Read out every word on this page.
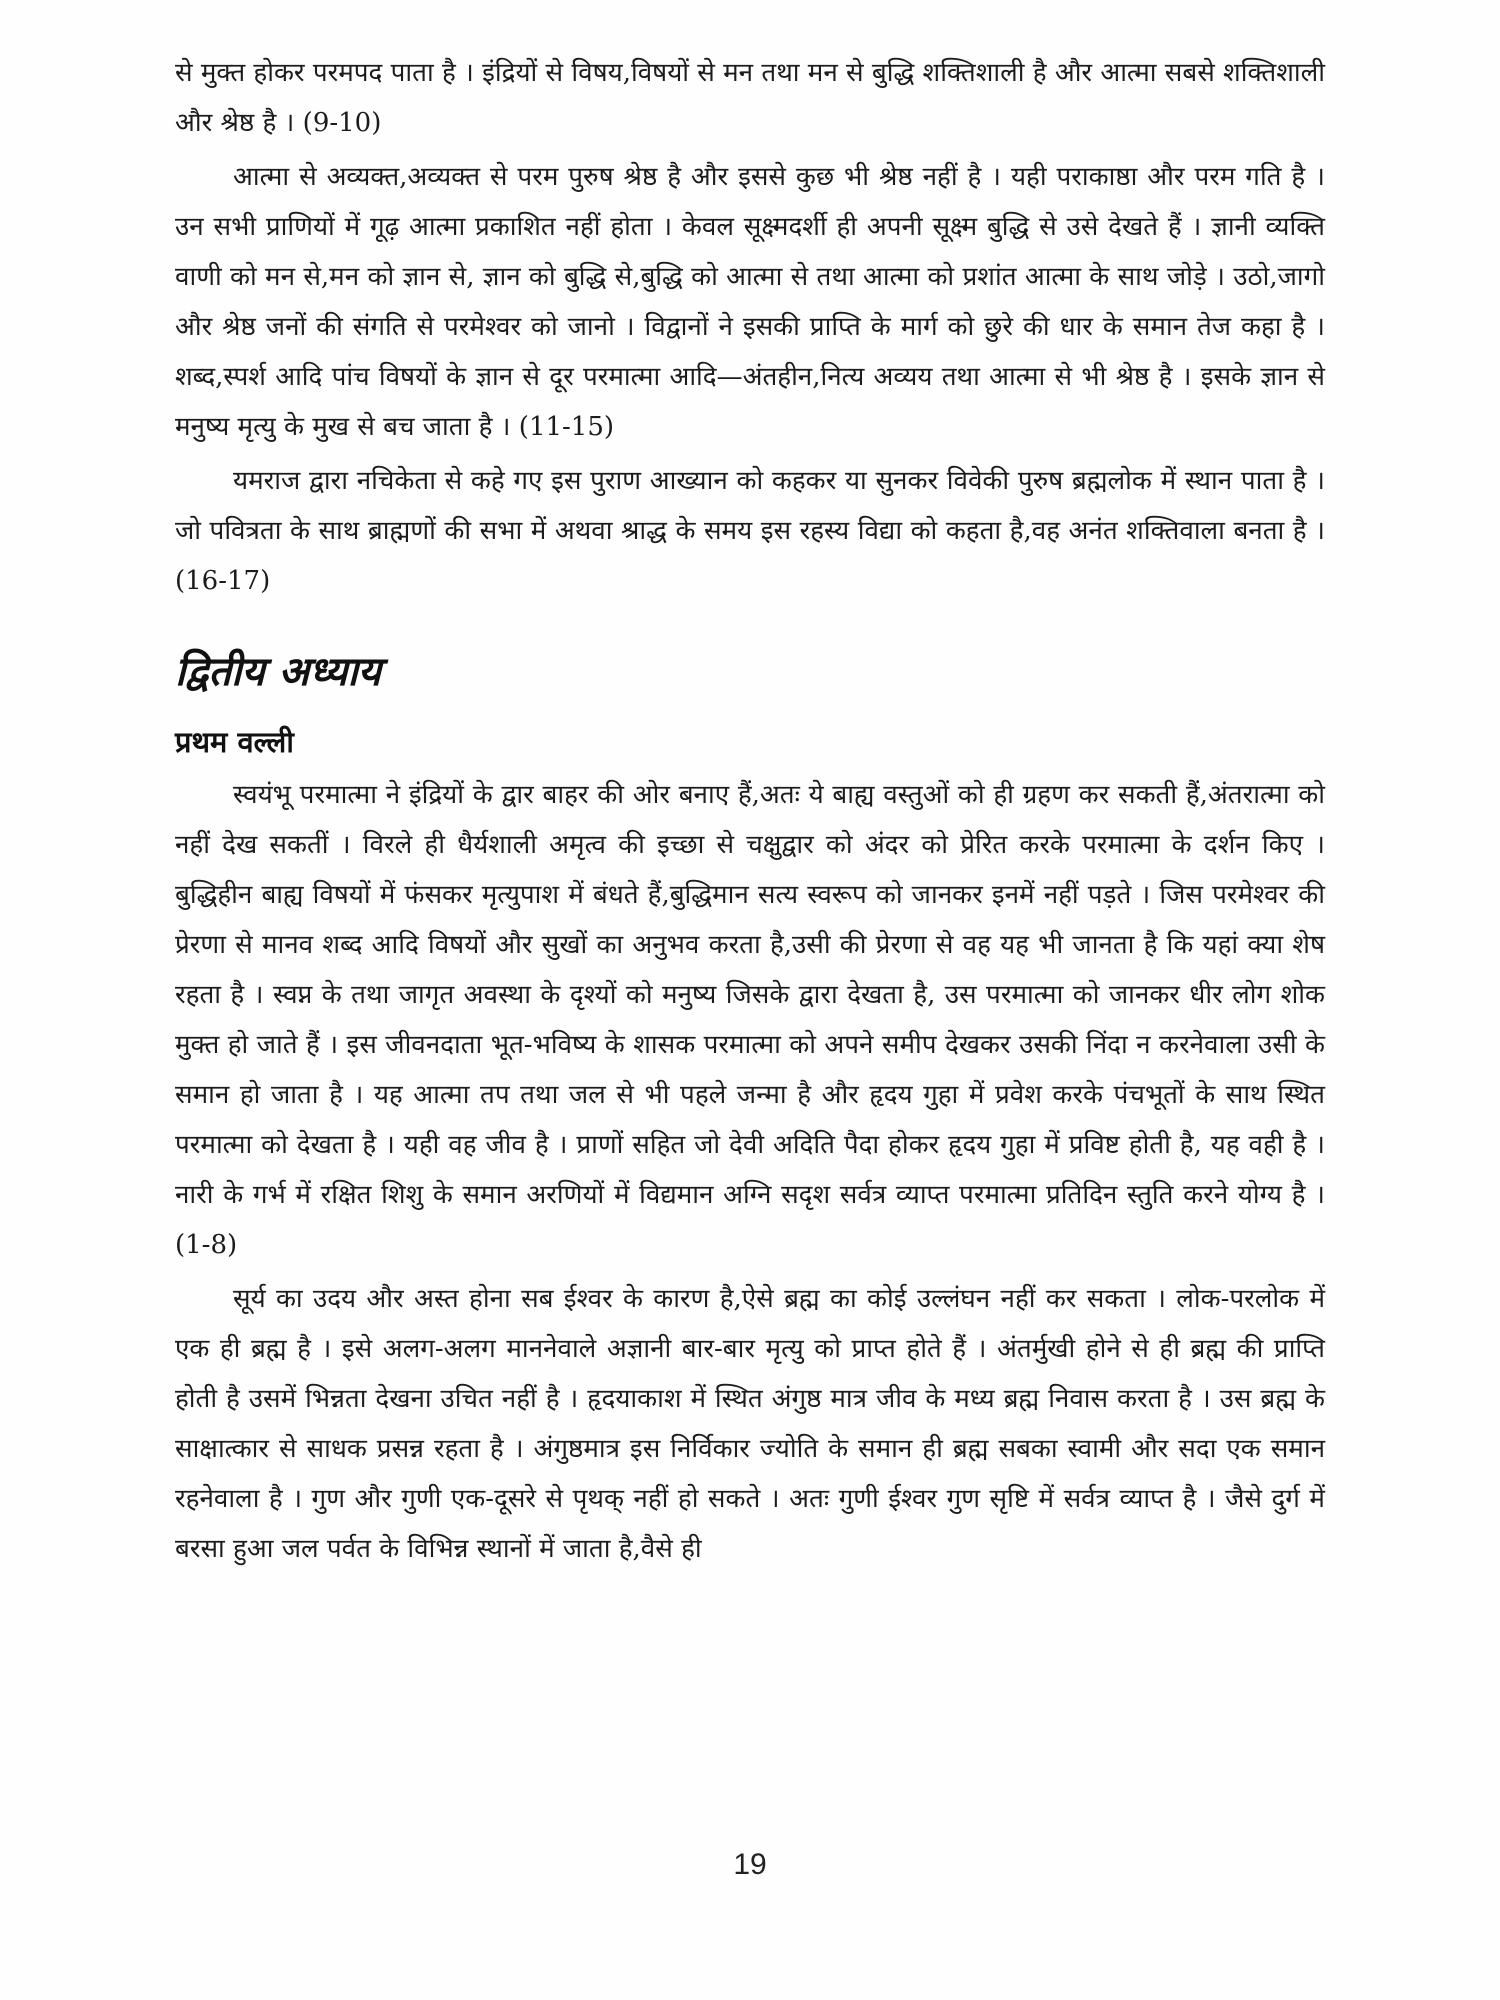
से मुक्त होकर परमपद पाता है । इंद्रियों से विषय,विषयों से मन तथा मन से बुद्धि शक्तिशाली है और आत्मा सबसे शक्तिशाली और श्रेष्ठ है । (9-10)

आत्मा से अव्यक्त,अव्यक्त से परम पुरुष श्रेष्ठ है और इससे कुछ भी श्रेष्ठ नहीं है । यही पराकाष्ठा और परम गति है । उन सभी प्राणियों में गूढ़ आत्मा प्रकाशित नहीं होता । केवल सूक्ष्मदर्शी ही अपनी सूक्ष्म बुद्धि से उसे देखते हैं । ज्ञानी व्यक्ति वाणी को मन से,मन को ज्ञान से, ज्ञान को बुद्धि से,बुद्धि को आत्मा से तथा आत्मा को प्रशांत आत्मा के साथ जोड़े । उठो,जागो और श्रेष्ठ जनों की संगति से परमेश्वर को जानो । विद्वानों ने इसकी प्राप्ति के मार्ग को छुरे की धार के समान तेज कहा है । शब्द,स्पर्श आदि पांच विषयों के ज्ञान से दूर परमात्मा आदि—अंतहीन,नित्य अव्यय तथा आत्मा से भी श्रेष्ठ है । इसके ज्ञान से मनुष्य मृत्यु के मुख से बच जाता है । (11-15)

यमराज द्वारा नचिकेता से कहे गए इस पुराण आख्यान को कहकर या सुनकर विवेकी पुरुष ब्रह्मलोक में स्थान पाता है । जो पवित्रता के साथ ब्राह्मणों की सभा में अथवा श्राद्ध के समय इस रहस्य विद्या को कहता है,वह अनंत शक्तिवाला बनता है । (16-17)

द्वितीय अध्याय
प्रथम वल्ली

स्वयंभू परमात्मा ने इंद्रियों के द्वार बाहर की ओर बनाए हैं,अतः ये बाह्य वस्तुओं को ही ग्रहण कर सकती हैं,अंतरात्मा को नहीं देख सकतीं । विरले ही धैर्यशाली अमृत्व की इच्छा से चक्षुद्वार को अंदर को प्रेरित करके परमात्मा के दर्शन किए । बुद्धिहीन बाह्य विषयों में फंसकर मृत्युपाश में बंधते हैं,बुद्धिमान सत्य स्वरूप को जानकर इनमें नहीं पड़ते । जिस परमेश्वर की प्रेरणा से मानव शब्द आदि विषयों और सुखों का अनुभव करता है,उसी की प्रेरणा से वह यह भी जानता है कि यहां क्या शेष रहता है । स्वप्न के तथा जागृत अवस्था के दृश्यों को मनुष्य जिसके द्वारा देखता है, उस परमात्मा को जानकर धीर लोग शोक मुक्त हो जाते हैं । इस जीवनदाता भूत-भविष्य के शासक परमात्मा को अपने समीप देखकर उसकी निंदा न करनेवाला उसी के समान हो जाता है । यह आत्मा तप तथा जल से भी पहले जन्मा है और हृदय गुहा में प्रवेश करके पंचभूतों के साथ स्थित परमात्मा को देखता है । यही वह जीव है । प्राणों सहित जो देवी अदिति पैदा होकर हृदय गुहा में प्रविष्ट होती है, यह वही है । नारी के गर्भ में रक्षित शिशु के समान अरणियों में विद्यमान अग्नि सदृश सर्वत्र व्याप्त परमात्मा प्रतिदिन स्तुति करने योग्य है । (1-8)

सूर्य का उदय और अस्त होना सब ईश्वर के कारण है,ऐसे ब्रह्म का कोई उल्लंघन नहीं कर सकता । लोक-परलोक में एक ही ब्रह्म है । इसे अलग-अलग माननेवाले अज्ञानी बार-बार मृत्यु को प्राप्त होते हैं । अंतर्मुखी होने से ही ब्रह्म की प्राप्ति होती है उसमें भिन्नता देखना उचित नहीं है । हृदयाकाश में स्थित अंगुष्ठ मात्र जीव के मध्य ब्रह्म निवास करता है । उस ब्रह्म के साक्षात्कार से साधक प्रसन्न रहता है । अंगुष्ठमात्र इस निर्विकार ज्योति के समान ही ब्रह्म सबका स्वामी और सदा एक समान रहनेवाला है । गुण और गुणी एक-दूसरे से पृथक् नहीं हो सकते । अतः गुणी ईश्वर गुण सृष्टि में सर्वत्र व्याप्त है । जैसे दुर्ग में बरसा हुआ जल पर्वत के विभिन्न स्थानों में जाता है,वैसे ही

19
